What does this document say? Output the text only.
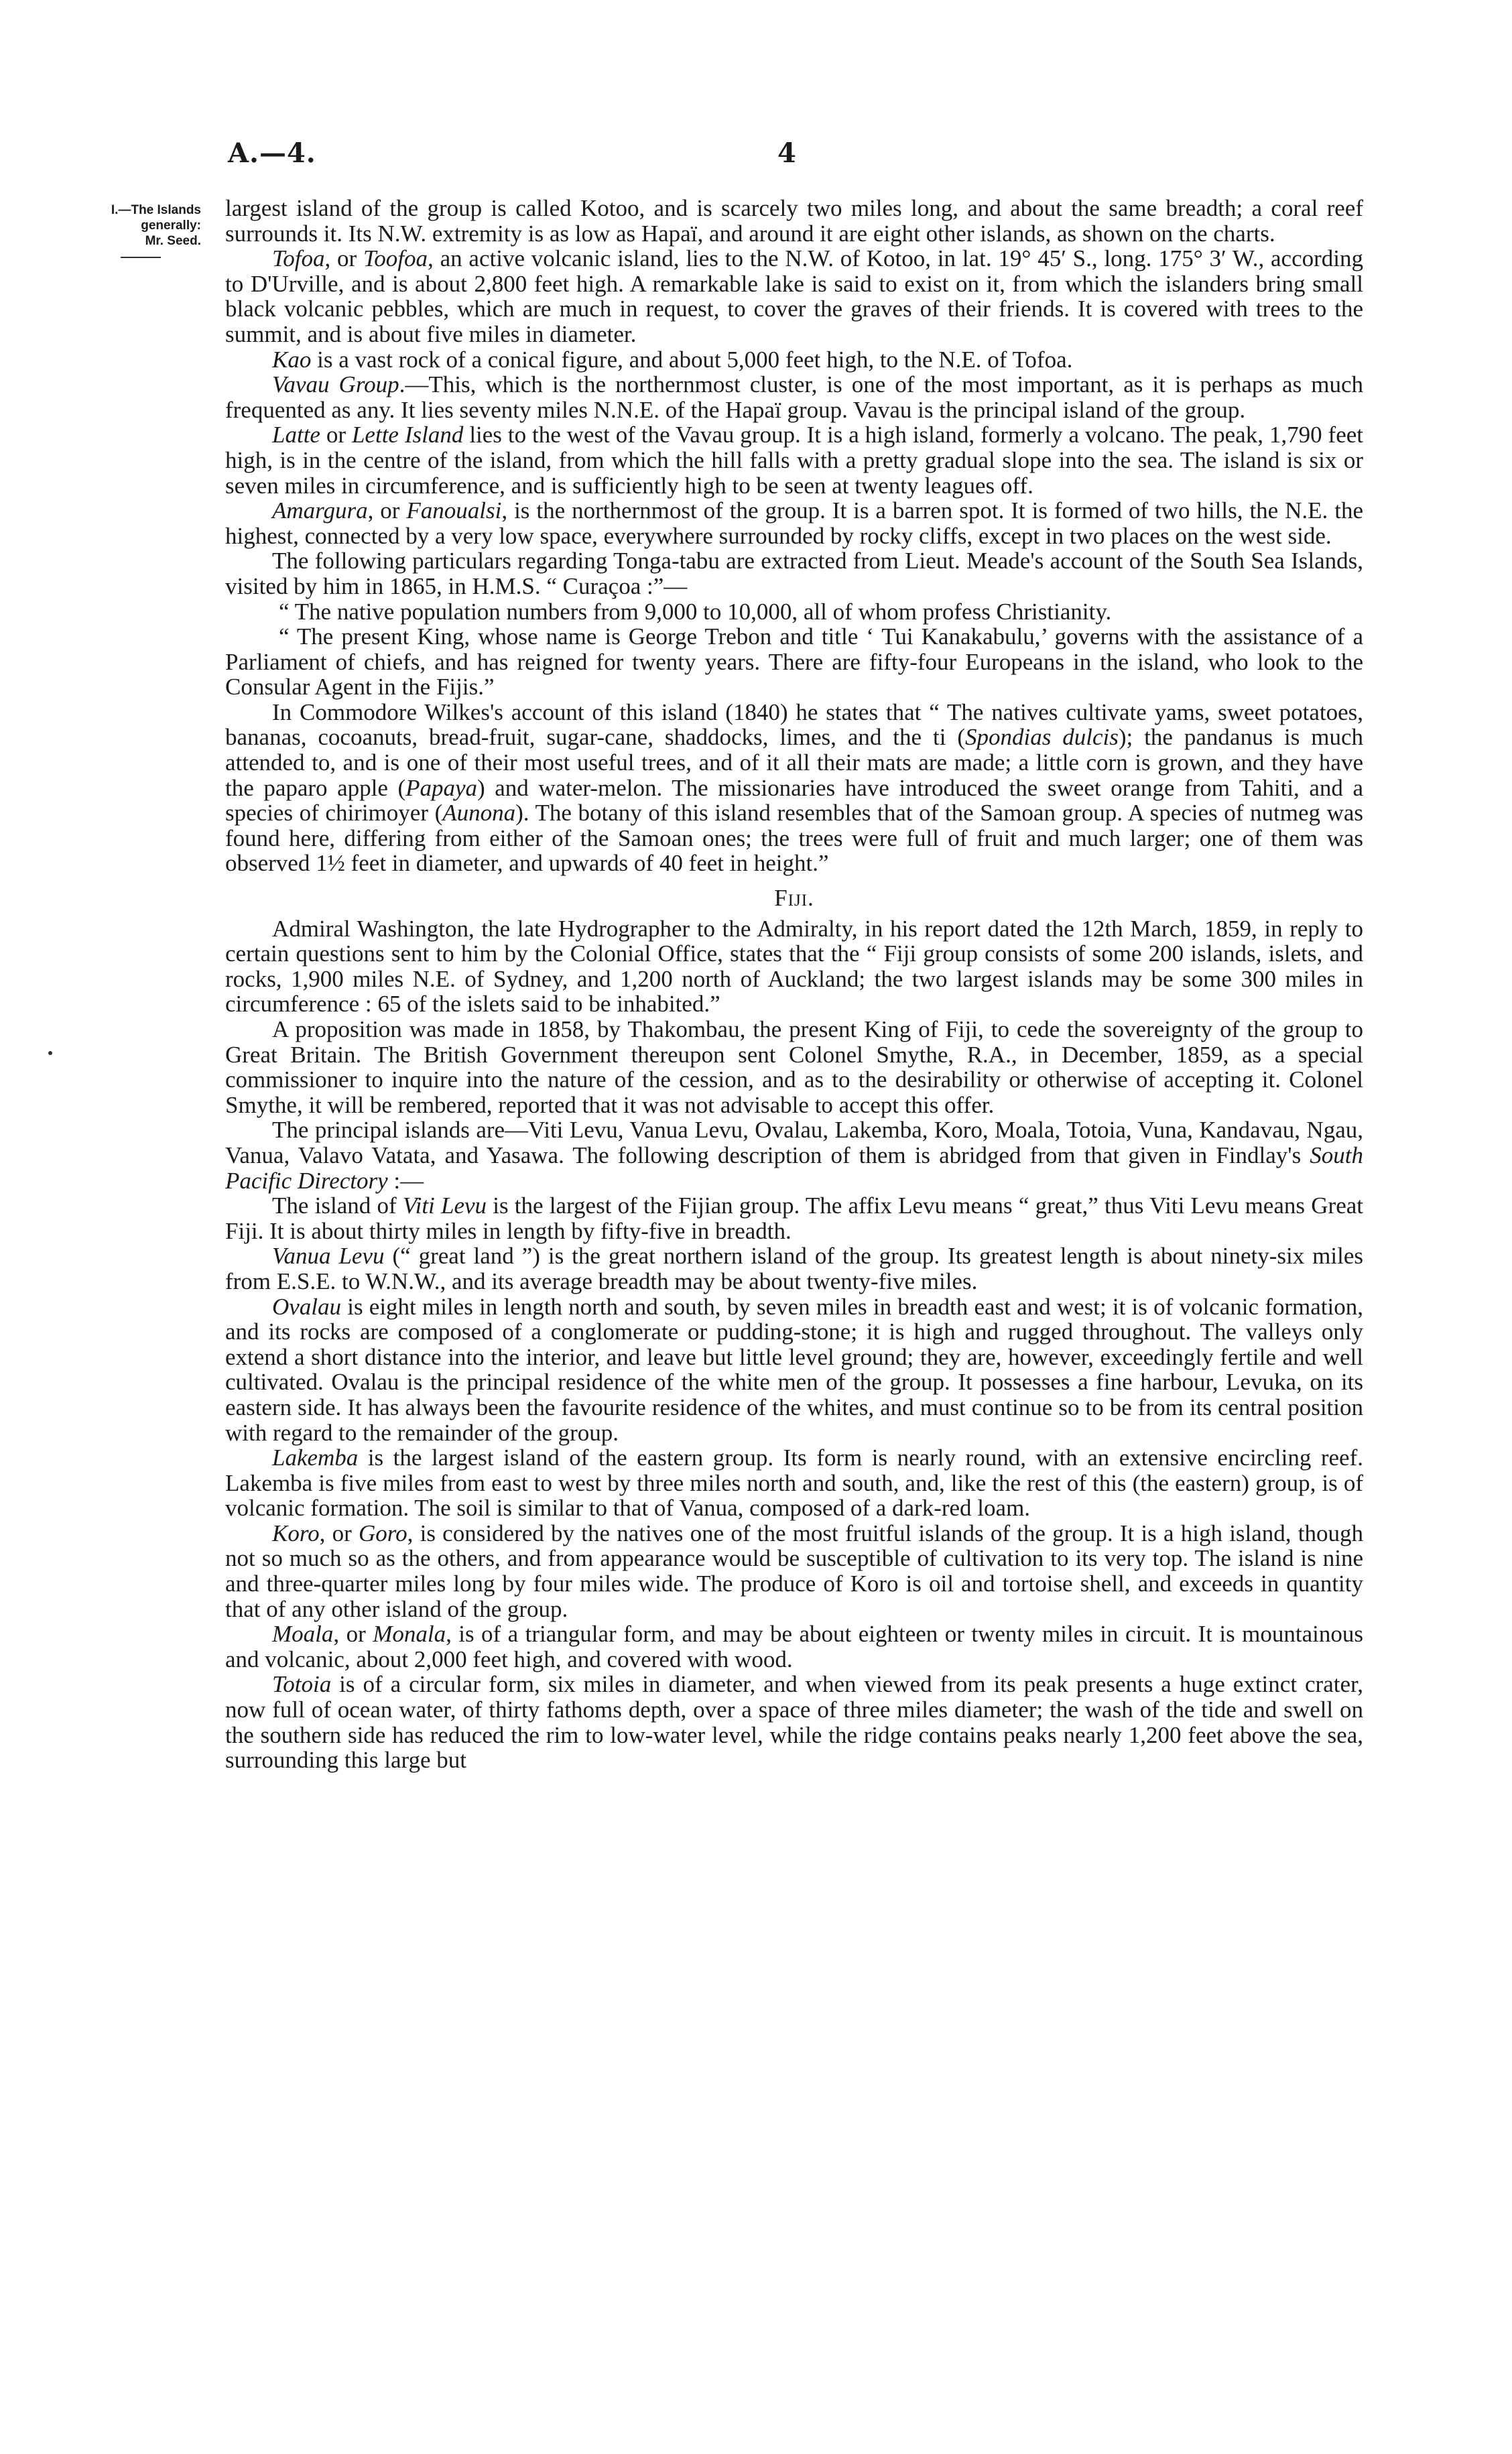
A.—4.	4
I.—The Islands
generally:
Mr. Seed.

largest island of the group is called Kotoo, and is scarcely two miles long, and about the same breadth; a coral reef surrounds it. Its N.W. extremity is as low as Hapaï, and around it are eight other islands, as shown on the charts.

Tofoa, or Toofoa, an active volcanic island, lies to the N.W. of Kotoo, in lat. 19° 45′ S., long. 175° 3′ W., according to D'Urville, and is about 2,800 feet high. A remarkable lake is said to exist on it, from which the islanders bring small black volcanic pebbles, which are much in request, to cover the graves of their friends. It is covered with trees to the summit, and is about five miles in diameter.

Kao is a vast rock of a conical figure, and about 5,000 feet high, to the N.E. of Tofoa.

Vavau Group.—This, which is the northernmost cluster, is one of the most important, as it is perhaps as much frequented as any. It lies seventy miles N.N.E. of the Hapaï group. Vavau is the principal island of the group.

Latte or Lette Island lies to the west of the Vavau group. It is a high island, formerly a volcano. The peak, 1,790 feet high, is in the centre of the island, from which the hill falls with a pretty gradual slope into the sea. The island is six or seven miles in circumference, and is sufficiently high to be seen at twenty leagues off.

Amargura, or Fanoualsi, is the northernmost of the group. It is a barren spot. It is formed of two hills, the N.E. the highest, connected by a very low space, everywhere surrounded by rocky cliffs, except in two places on the west side.

The following particulars regarding Tonga-tabu are extracted from Lieut. Meade's account of the South Sea Islands, visited by him in 1865, in H.M.S. “ Curaçoa :”—

“ The native population numbers from 9,000 to 10,000, all of whom profess Christianity.

“ The present King, whose name is George Trebon and title ‘ Tui Kanakabulu,’ governs with the assistance of a Parliament of chiefs, and has reigned for twenty years. There are fifty-four Europeans in the island, who look to the Consular Agent in the Fijis.”

In Commodore Wilkes's account of this island (1840) he states that “ The natives cultivate yams, sweet potatoes, bananas, cocoanuts, bread-fruit, sugar-cane, shaddocks, limes, and the ti (Spondias dulcis); the pandanus is much attended to, and is one of their most useful trees, and of it all their mats are made; a little corn is grown, and they have the paparo apple (Papaya) and water-melon. The missionaries have introduced the sweet orange from Tahiti, and a species of chirimoyer (Aunona). The botany of this island resembles that of the Samoan group. A species of nutmeg was found here, differing from either of the Samoan ones; the trees were full of fruit and much larger; one of them was observed 1½ feet in diameter, and upwards of 40 feet in height.”

Fiji.

Admiral Washington, the late Hydrographer to the Admiralty, in his report dated the 12th March, 1859, in reply to certain questions sent to him by the Colonial Office, states that the “ Fiji group consists of some 200 islands, islets, and rocks, 1,900 miles N.E. of Sydney, and 1,200 north of Auckland; the two largest islands may be some 300 miles in circumference : 65 of the islets said to be inhabited.”

A proposition was made in 1858, by Thakombau, the present King of Fiji, to cede the sovereignty of the group to Great Britain. The British Government thereupon sent Colonel Smythe, R.A., in December, 1859, as a special commissioner to inquire into the nature of the cession, and as to the desirability or otherwise of accepting it. Colonel Smythe, it will be rembered, reported that it was not advisable to accept this offer.

The principal islands are—Viti Levu, Vanua Levu, Ovalau, Lakemba, Koro, Moala, Totoia, Vuna, Kandavau, Ngau, Vanua, Valavo Vatata, and Yasawa. The following description of them is abridged from that given in Findlay's South Pacific Directory :—

The island of Viti Levu is the largest of the Fijian group. The affix Levu means “ great,” thus Viti Levu means Great Fiji. It is about thirty miles in length by fifty-five in breadth.

Vanua Levu (“ great land ”) is the great northern island of the group. Its greatest length is about ninety-six miles from E.S.E. to W.N.W., and its average breadth may be about twenty-five miles.

Ovalau is eight miles in length north and south, by seven miles in breadth east and west; it is of volcanic formation, and its rocks are composed of a conglomerate or pudding-stone; it is high and rugged throughout. The valleys only extend a short distance into the interior, and leave but little level ground; they are, however, exceedingly fertile and well cultivated. Ovalau is the principal residence of the white men of the group. It possesses a fine harbour, Levuka, on its eastern side. It has always been the favourite residence of the whites, and must continue so to be from its central position with regard to the remainder of the group.

Lakemba is the largest island of the eastern group. Its form is nearly round, with an extensive encircling reef. Lakemba is five miles from east to west by three miles north and south, and, like the rest of this (the eastern) group, is of volcanic formation. The soil is similar to that of Vanua, composed of a dark-red loam.

Koro, or Goro, is considered by the natives one of the most fruitful islands of the group. It is a high island, though not so much so as the others, and from appearance would be susceptible of cultivation to its very top. The island is nine and three-quarter miles long by four miles wide. The produce of Koro is oil and tortoise shell, and exceeds in quantity that of any other island of the group.

Moala, or Monala, is of a triangular form, and may be about eighteen or twenty miles in circuit. It is mountainous and volcanic, about 2,000 feet high, and covered with wood.

Totoia is of a circular form, six miles in diameter, and when viewed from its peak presents a huge extinct crater, now full of ocean water, of thirty fathoms depth, over a space of three miles diameter; the wash of the tide and swell on the southern side has reduced the rim to low-water level, while the ridge contains peaks nearly 1,200 feet above the sea, surrounding this large but
